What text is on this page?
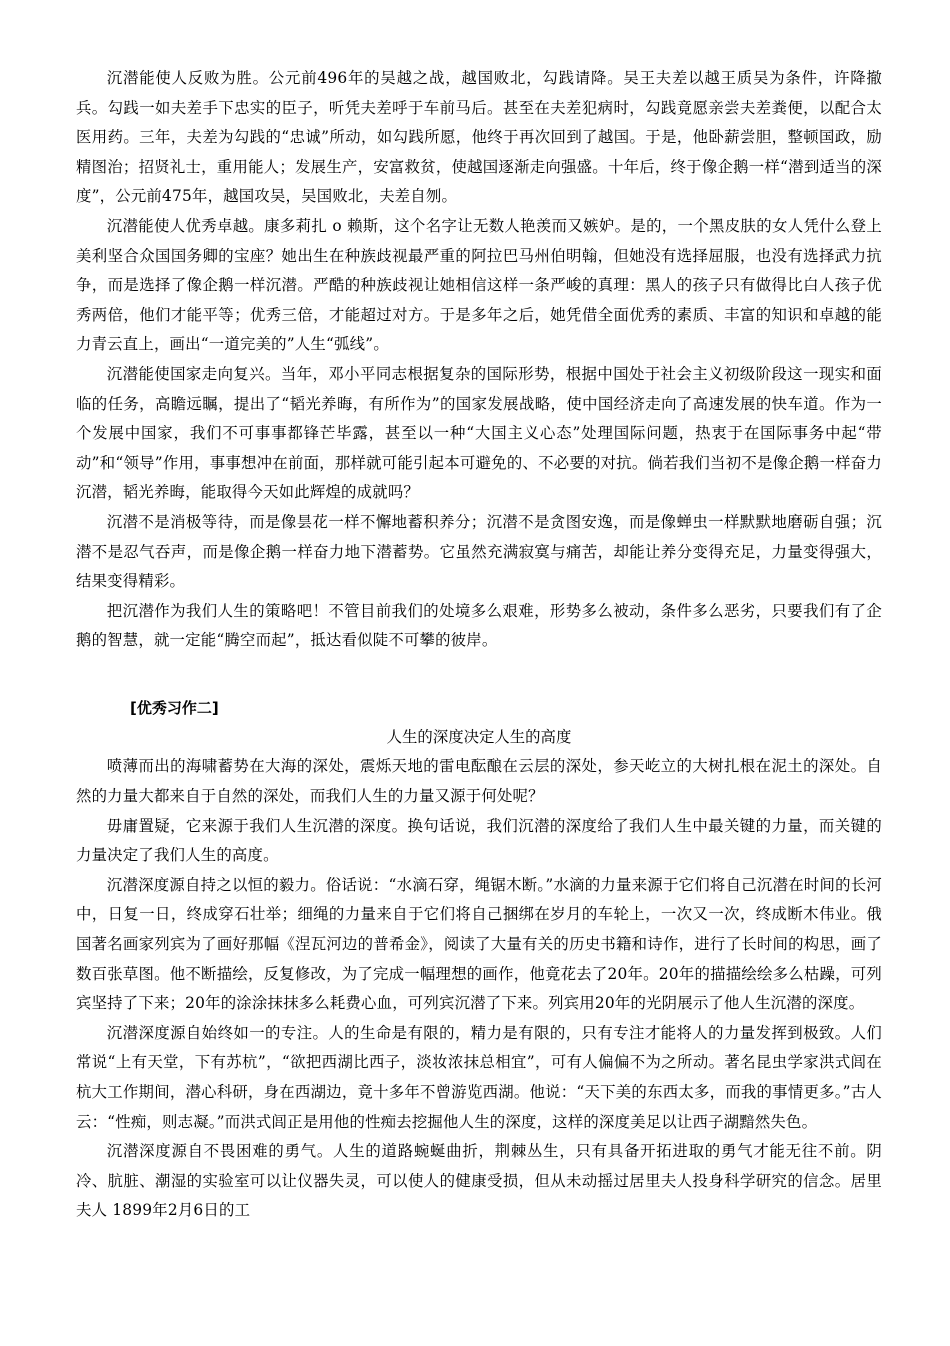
沉潜能使人反败为胜。公元前496年的吴越之战，越国败北，勾践请降。吴王夫差以越王质吴为条件，许降撤兵。勾践一如夫差手下忠实的臣子，听凭夫差呼于车前马后。甚至在夫差犯病时，勾践竟愿亲尝夫差粪便，以配合太医用药。三年，夫差为勾践的“忠诚”所动，如勾践所愿，他终于再次回到了越国。于是，他卧薪尝胆，整顿国政，励精图治；招贤礼士，重用能人；发展生产，安富救贫，使越国逐渐走向强盛。十年后，终于像企鹅一样“潜到适当的深度”，公元前475年，越国攻吴，吴国败北，夫差自刎。

沉潜能使人优秀卓越。康多莉扎 o 赖斯，这个名字让无数人艳羡而又嫉妒。是的，一个黑皮肤的女人凭什么登上美利坚合众国国务卿的宝座？她出生在种族歧视最严重的阿拉巴马州伯明翰，但她没有选择屈服，也没有选择武力抗争，而是选择了像企鹅一样沉潜。严酷的种族歧视让她相信这样一条严峻的真理：黑人的孩子只有做得比白人孩子优秀两倍，他们才能平等；优秀三倍，才能超过对方。于是多年之后，她凭借全面优秀的素质、丰富的知识和卓越的能力青云直上，画出“一道完美的”人生“弧线”。

沉潜能使国家走向复兴。当年，邓小平同志根据复杂的国际形势，根据中国处于社会主义初级阶段这一现实和面临的任务，高瞻远瞩，提出了“韬光养晦，有所作为”的国家发展战略，使中国经济走向了高速发展的快车道。作为一个发展中国家，我们不可事事都锋芒毕露，甚至以一种“大国主义心态”处理国际问题，热衷于在国际事务中起“带动”和“领导”作用，事事想冲在前面，那样就可能引起本可避免的、不必要的对抗。倘若我们当初不是像企鹅一样奋力沉潜，韬光养晦，能取得今天如此辉煌的成就吗？

沉潜不是消极等待，而是像昙花一样不懈地蓄积养分；沉潜不是贪图安逸，而是像蝉虫一样默默地磨砺自强；沉潜不是忍气吞声，而是像企鹅一样奋力地下潜蓄势。它虽然充满寂寞与痛苦，却能让养分变得充足，力量变得强大，结果变得精彩。

把沉潜作为我们人生的策略吧！不管目前我们的处境多么艰难，形势多么被动，条件多么恶劣，只要我们有了企鹅的智慧，就一定能“腾空而起”，抵达看似陡不可攀的彼岸。

[优秀习作二]
人生的深度决定人生的高度

喷薄而出的海啸蓄势在大海的深处，震烁天地的雷电酝酿在云层的深处，参天屹立的大树扎根在泥土的深处。自然的力量大都来自于自然的深处，而我们人生的力量又源于何处呢？

毋庸置疑，它来源于我们人生沉潜的深度。换句话说，我们沉潜的深度给了我们人生中最关键的力量，而关键的力量决定了我们人生的高度。

沉潜深度源自持之以恒的毅力。俗话说：“水滴石穿，绳锯木断。”水滴的力量来源于它们将自己沉潜在时间的长河中，日复一日，终成穿石壮举；细绳的力量来自于它们将自己捆绑在岁月的车轮上，一次又一次，终成断木伟业。俄国著名画家列宾为了画好那幅《涅瓦河边的普希金》，阅读了大量有关的历史书籍和诗作，进行了长时间的构思，画了数百张草图。他不断描绘，反复修改，为了完成一幅理想的画作，他竟花去了20年。20年的描描绘绘多么枯躁，可列宾坚持了下来；20年的涂涂抹抹多么耗费心血，可列宾沉潜了下来。列宾用20年的光阴展示了他人生沉潜的深度。

沉潜深度源自始终如一的专注。人的生命是有限的，精力是有限的，只有专注才能将人的力量发挥到极致。人们常说“上有天堂，下有苏杭”，“欲把西湖比西子，淡妆浓抹总相宜”，可有人偏偏不为之所动。著名昆虫学家洪式闾在杭大工作期间，潜心科研，身在西湖边，竟十多年不曾游览西湖。他说：“天下美的东西太多，而我的事情更多。”古人云：“性痴，则志凝。”而洪式闾正是用他的性痴去挖掘他人生的深度，这样的深度美足以让西子湖黯然失色。

沉潜深度源自不畏困难的勇气。人生的道路蜿蜒曲折，荆棘丛生，只有具备开拓进取的勇气才能无往不前。阴冷、肮脏、潮湿的实验室可以让仪器失灵，可以使人的健康受损，但从未动摇过居里夫人投身科学研究的信念。居里夫人 1899年2月6日的工
